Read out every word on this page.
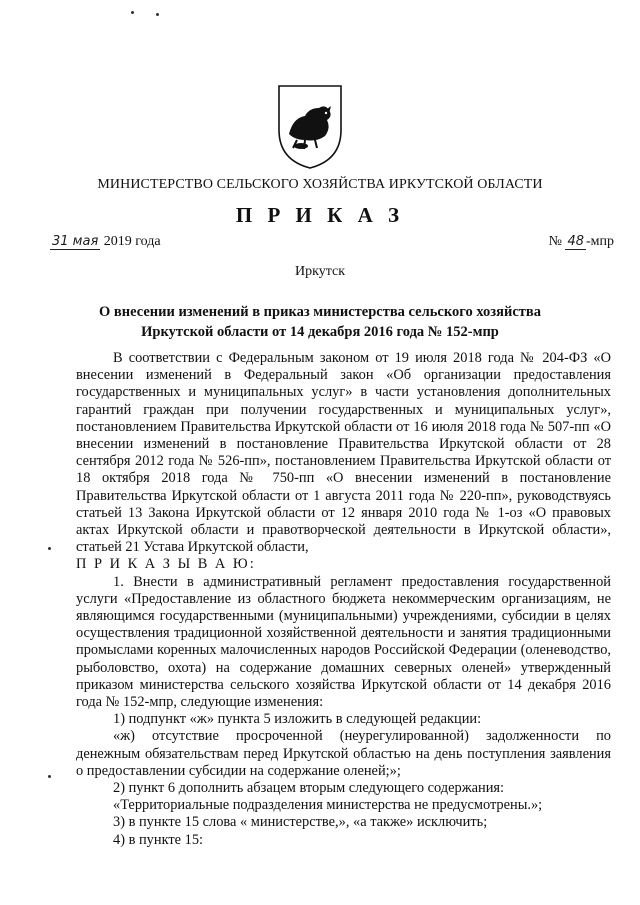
МИНИСТЕРСТВО СЕЛЬСКОГО ХОЗЯЙСТВА ИРКУТСКОЙ ОБЛАСТИ
П Р И К А З
31 мая 2019 года	№ 48 -мпр
Иркутск
О внесении изменений в приказ министерства сельского хозяйства
Иркутской области от 14 декабря 2016 года № 152-мпр

В соответствии с Федеральным законом от 19 июля 2018 года № 204-ФЗ «О внесении изменений в Федеральный закон «Об организации предоставления государственных и муниципальных услуг» в части установления дополнительных гарантий граждан при получении государственных и муниципальных услуг», постановлением Правительства Иркутской области от 16 июля 2018 года № 507-пп «О внесении изменений в постановление Правительства Иркутской области от 28 сентября 2012 года № 526-пп», постановлением Правительства Иркутской области от 18 октября 2018 года № 750-пп «О внесении изменений в постановление Правительства Иркутской области от 1 августа 2011 года № 220-пп», руководствуясь статьей 13 Закона Иркутской области от 12 января 2010 года № 1-оз «О правовых актах Иркутской области и правотворческой деятельности в Иркутской области», статьей 21 Устава Иркутской области,

П Р И К А З Ы В А Ю:

1. Внести в административный регламент предоставления государственной услуги «Предоставление из областного бюджета некоммерческим организациям, не являющимся государственными (муниципальными) учреждениями, субсидии в целях осуществления традиционной хозяйственной деятельности и занятия традиционными промыслами коренных малочисленных народов Российской Федерации (оленеводство, рыболовство, охота) на содержание домашних северных оленей» утвержденный приказом министерства сельского хозяйства Иркутской области от 14 декабря 2016 года № 152-мпр, следующие изменения:

1) подпункт «ж» пункта 5 изложить в следующей редакции:

«ж) отсутствие просроченной (неурегулированной) задолженности по денежным обязательствам перед Иркутской областью на день поступления заявления о предоставлении субсидии на содержание оленей;»;

2) пункт 6 дополнить абзацем вторым следующего содержания:

«Территориальные подразделения министерства не предусмотрены.»;

3) в пункте 15 слова « министерстве,», «а также» исключить;

4) в пункте 15:
